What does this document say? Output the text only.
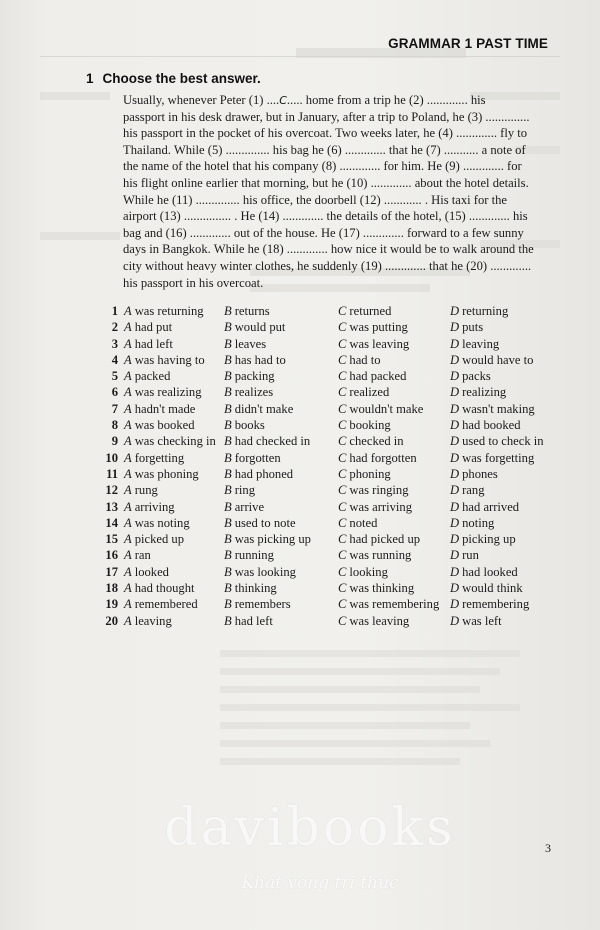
GRAMMAR 1 PAST TIME
1 Choose the best answer.
Usually, whenever Peter (1) ....C..... home from a trip he (2) ............. his
passport in his desk drawer, but in January, after a trip to Poland, he (3) ..............
his passport in the pocket of his overcoat. Two weeks later, he (4) ............. fly to
Thailand. While (5) .............. his bag he (6) ............. that he (7) ........... a note of
the name of the hotel that his company (8) ............. for him. He (9) ............. for
his flight online earlier that morning, but he (10) ............. about the hotel details.
While he (11) .............. his office, the doorbell (12) ............ . His taxi for the
airport (13) ............... . He (14) ............. the details of the hotel, (15) ............. his
bag and (16) ............. out of the house. He (17) ............. forward to a few sunny
days in Bangkok. While he (18) ............. how nice it would be to walk around the
city without heavy winter clothes, he suddenly (19) ............. that he (20) .............
his passport in his overcoat.
1 A was returning B returns	C returned	D returning
2 A had put	B would put	C was putting	D puts
3 A had left	B leaves	C was leaving	D leaving
4 A was having to B has had to	C had to	D would have to
5 A packed	B packing	C had packed	D packs
6 A was realizing B realizes	C realized	D realizing
7 A hadn't made B didn't make	C wouldn't make D wasn't making
8 A was booked B books	C booking	D had booked
9 A was checking in B had checked in C checked in	D used to check in
10 A forgetting	B forgotten	C had forgotten	D was forgetting
11 A was phoning B had phoned	C phoning	D phones
12 A rung	B ring	C was ringing	D rang
13 A arriving	B arrive	C was arriving	D had arrived
14 A was noting	B used to note	C noted	D noting
15 A picked up	B was picking up C had picked up D picking up
16 A ran	B running	C was running	D run
17 A looked	B was looking	C looking	D had looked
18 A had thought B thinking	C was thinking	D would think
19 A remembered B remembers	C was remembering D remembering
20 A leaving	B had left	C was leaving	D was left
3
davibooks
Khát vọng tri thức
